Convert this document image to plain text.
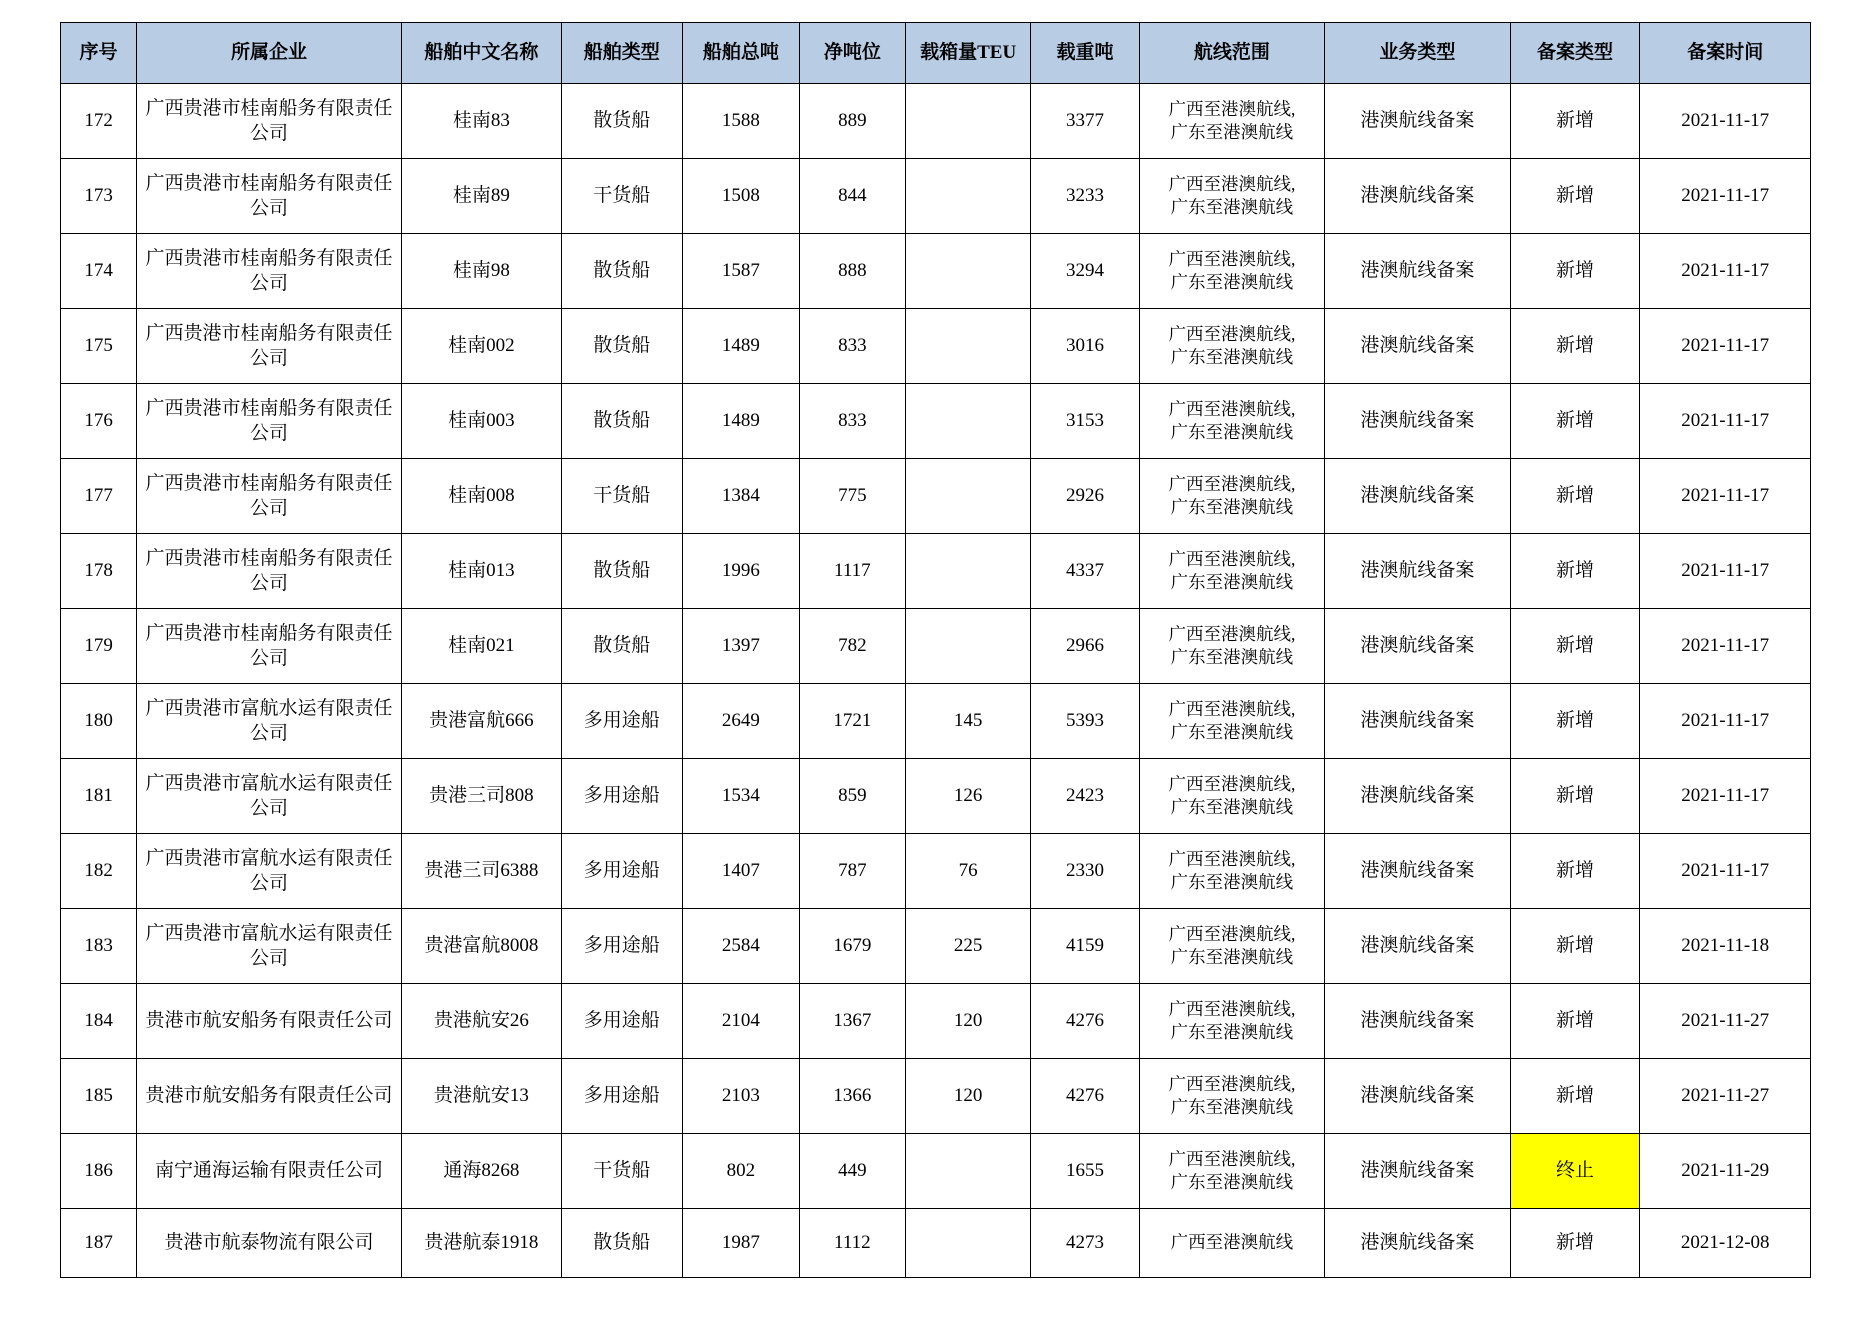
序号	所属企业	船舶中文名称	船舶类型	船舶总吨	净吨位	载箱量TEU	载重吨	航线范围	业务类型	备案类型	备案时间
172	广西贵港市桂南船务有限责任公司	桂南83	散货船	1588	889		3377	广西至港澳航线,
广东至港澳航线	港澳航线备案	新增	2021-11-17
173	广西贵港市桂南船务有限责任公司	桂南89	干货船	1508	844		3233	广西至港澳航线,
广东至港澳航线	港澳航线备案	新增	2021-11-17
174	广西贵港市桂南船务有限责任公司	桂南98	散货船	1587	888		3294	广西至港澳航线,
广东至港澳航线	港澳航线备案	新增	2021-11-17
175	广西贵港市桂南船务有限责任公司	桂南002	散货船	1489	833		3016	广西至港澳航线,
广东至港澳航线	港澳航线备案	新增	2021-11-17
176	广西贵港市桂南船务有限责任公司	桂南003	散货船	1489	833		3153	广西至港澳航线,
广东至港澳航线	港澳航线备案	新增	2021-11-17
177	广西贵港市桂南船务有限责任公司	桂南008	干货船	1384	775		2926	广西至港澳航线,
广东至港澳航线	港澳航线备案	新增	2021-11-17
178	广西贵港市桂南船务有限责任公司	桂南013	散货船	1996	1117		4337	广西至港澳航线,
广东至港澳航线	港澳航线备案	新增	2021-11-17
179	广西贵港市桂南船务有限责任公司	桂南021	散货船	1397	782		2966	广西至港澳航线,
广东至港澳航线	港澳航线备案	新增	2021-11-17
180	广西贵港市富航水运有限责任公司	贵港富航666	多用途船	2649	1721	145	5393	广西至港澳航线,
广东至港澳航线	港澳航线备案	新增	2021-11-17
181	广西贵港市富航水运有限责任公司	贵港三司808	多用途船	1534	859	126	2423	广西至港澳航线,
广东至港澳航线	港澳航线备案	新增	2021-11-17
182	广西贵港市富航水运有限责任公司	贵港三司6388	多用途船	1407	787	76	2330	广西至港澳航线,
广东至港澳航线	港澳航线备案	新增	2021-11-17
183	广西贵港市富航水运有限责任公司	贵港富航8008	多用途船	2584	1679	225	4159	广西至港澳航线,
广东至港澳航线	港澳航线备案	新增	2021-11-18
184	贵港市航安船务有限责任公司	贵港航安26	多用途船	2104	1367	120	4276	广西至港澳航线,
广东至港澳航线	港澳航线备案	新增	2021-11-27
185	贵港市航安船务有限责任公司	贵港航安13	多用途船	2103	1366	120	4276	广西至港澳航线,
广东至港澳航线	港澳航线备案	新增	2021-11-27
186	南宁通海运输有限责任公司	通海8268	干货船	802	449		1655	广西至港澳航线,
广东至港澳航线	港澳航线备案	终止	2021-11-29
187	贵港市航泰物流有限公司	贵港航泰1918	散货船	1987	1112		4273	广西至港澳航线	港澳航线备案	新增	2021-12-08
